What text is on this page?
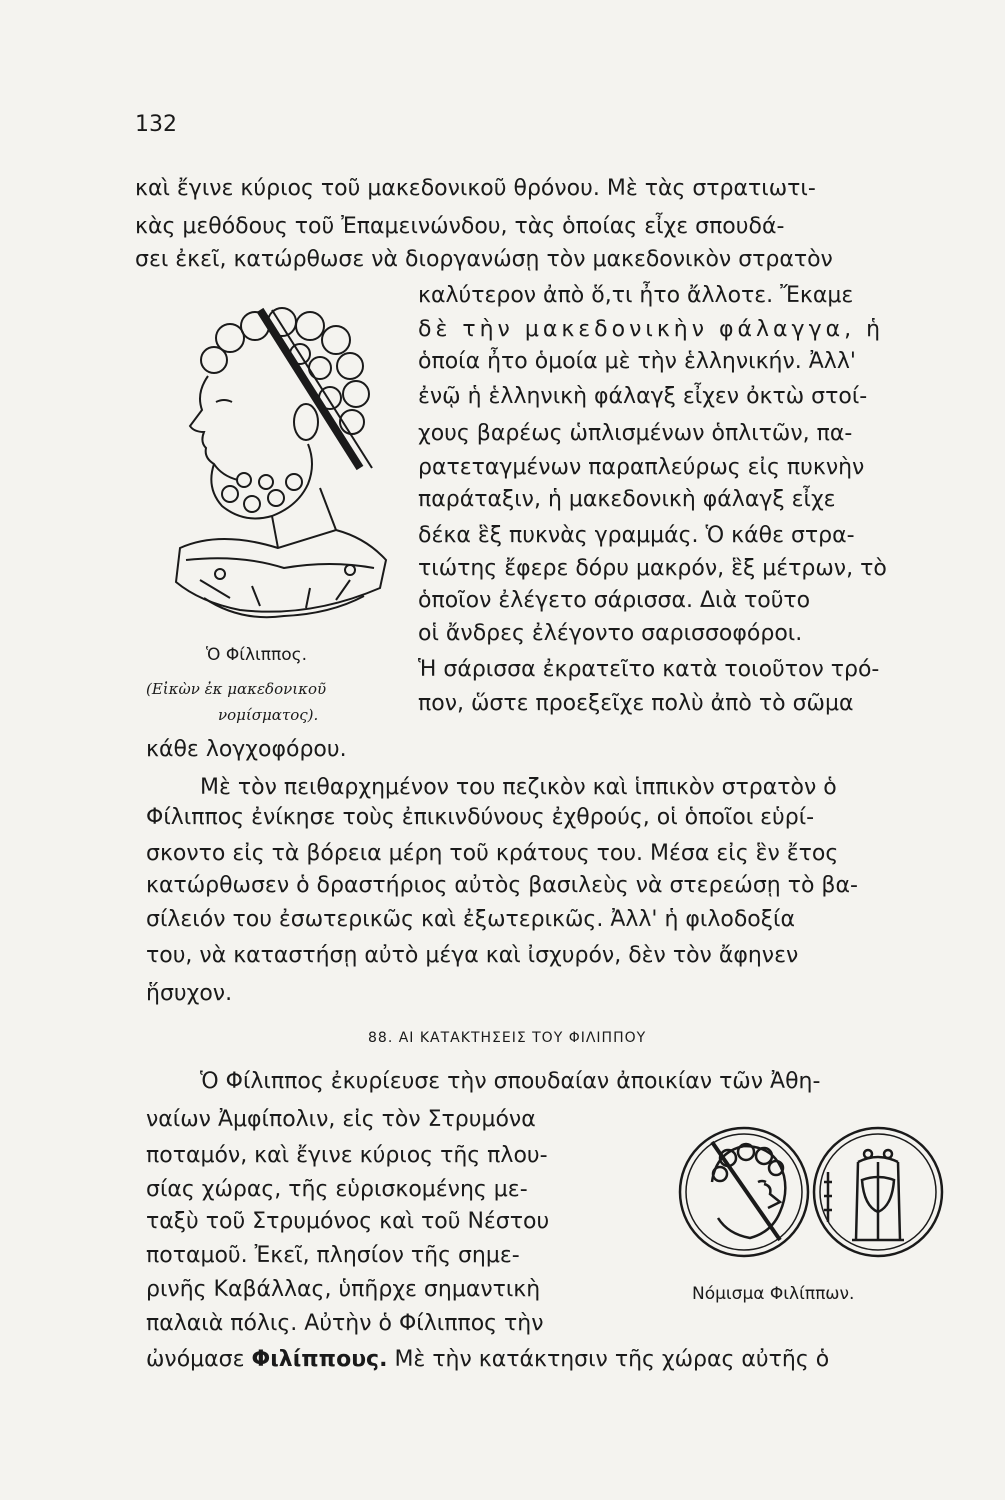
132
καὶ ἔγινε κύριος τοῦ μακεδονικοῦ θρόνου. Μὲ τὰς στρατιωτι-
κὰς μεθόδους τοῦ Ἐπαμεινώνδου, τὰς ὁποίας εἶχε σπουδά-
σει ἐκεῖ, κατώρθωσε νὰ διοργανώσῃ τὸν μακεδονικὸν στρατὸν
καλύτερον ἀπὸ ὅ,τι ἦτο ἄλλοτε. Ἔκαμε
δὲ τὴν μακεδονικὴν φάλαγγα, ἡ
ὁποία ἦτο ὁμοία μὲ τὴν ἑλληνικήν. Ἀλλ'
ἐνῷ ἡ ἑλληνικὴ φάλαγξ εἶχεν ὀκτὼ στοί-
χους βαρέως ὡπλισμένων ὁπλιτῶν, πα-
ρατεταγμένων παραπλεύρως εἰς πυκνὴν
παράταξιν, ἡ μακεδονικὴ φάλαγξ εἶχε
δέκα ἓξ πυκνὰς γραμμάς. Ὁ κάθε στρα-
τιώτης ἔφερε δόρυ μακρόν, ἓξ μέτρων, τὸ
ὁποῖον ἐλέγετο σάρισσα. Διὰ τοῦτο
οἱ ἄνδρες ἐλέγοντο σαρισσοφόροι.
Ἡ σάρισσα ἐκρατεῖτο κατὰ τοιοῦτον τρό-
πον, ὥστε προεξεῖχε πολὺ ἀπὸ τὸ σῶμα
Ὁ Φίλιππος.
(Εἰκὼν ἐκ μακεδονικοῦ
νομίσματος).
κάθε λογχοφόρου.
Μὲ τὸν πειθαρχημένον του πεζικὸν καὶ ἱππικὸν στρατὸν ὁ
Φίλιππος ἐνίκησε τοὺς ἐπικινδύνους ἐχθρούς, οἱ ὁποῖοι εὑρί-
σκοντο εἰς τὰ βόρεια μέρη τοῦ κράτους του. Μέσα εἰς ἓν ἔτος
κατώρθωσεν ὁ δραστήριος αὐτὸς βασιλεὺς νὰ στερεώσῃ τὸ βα-
σίλειόν του ἐσωτερικῶς καὶ ἐξωτερικῶς. Ἀλλ' ἡ φιλοδοξία
του, νὰ καταστήσῃ αὐτὸ μέγα καὶ ἰσχυρόν, δὲν τὸν ἄφηνεν
ἥσυχον.
88. ΑΙ ΚΑΤΑΚΤΗΣΕΙΣ ΤΟΥ ΦΙΛΙΠΠΟΥ
Ὁ Φίλιππος ἐκυρίευσε τὴν σπουδαίαν ἀποικίαν τῶν Ἀθη-
ναίων Ἀμφίπολιν, εἰς τὸν Στρυμόνα
ποταμόν, καὶ ἔγινε κύριος τῆς πλου-
σίας χώρας, τῆς εὑρισκομένης με-
ταξὺ τοῦ Στρυμόνος καὶ τοῦ Νέστου
ποταμοῦ. Ἐκεῖ, πλησίον τῆς σημε-
ρινῆς Καβάλλας, ὑπῆρχε σημαντικὴ
παλαιὰ πόλις. Αὐτὴν ὁ Φίλιππος τὴν
Νόμισμα Φιλίππων.
ὠνόμασε Φιλίππους. Μὲ τὴν κατάκτησιν τῆς χώρας αὐτῆς ὁ
